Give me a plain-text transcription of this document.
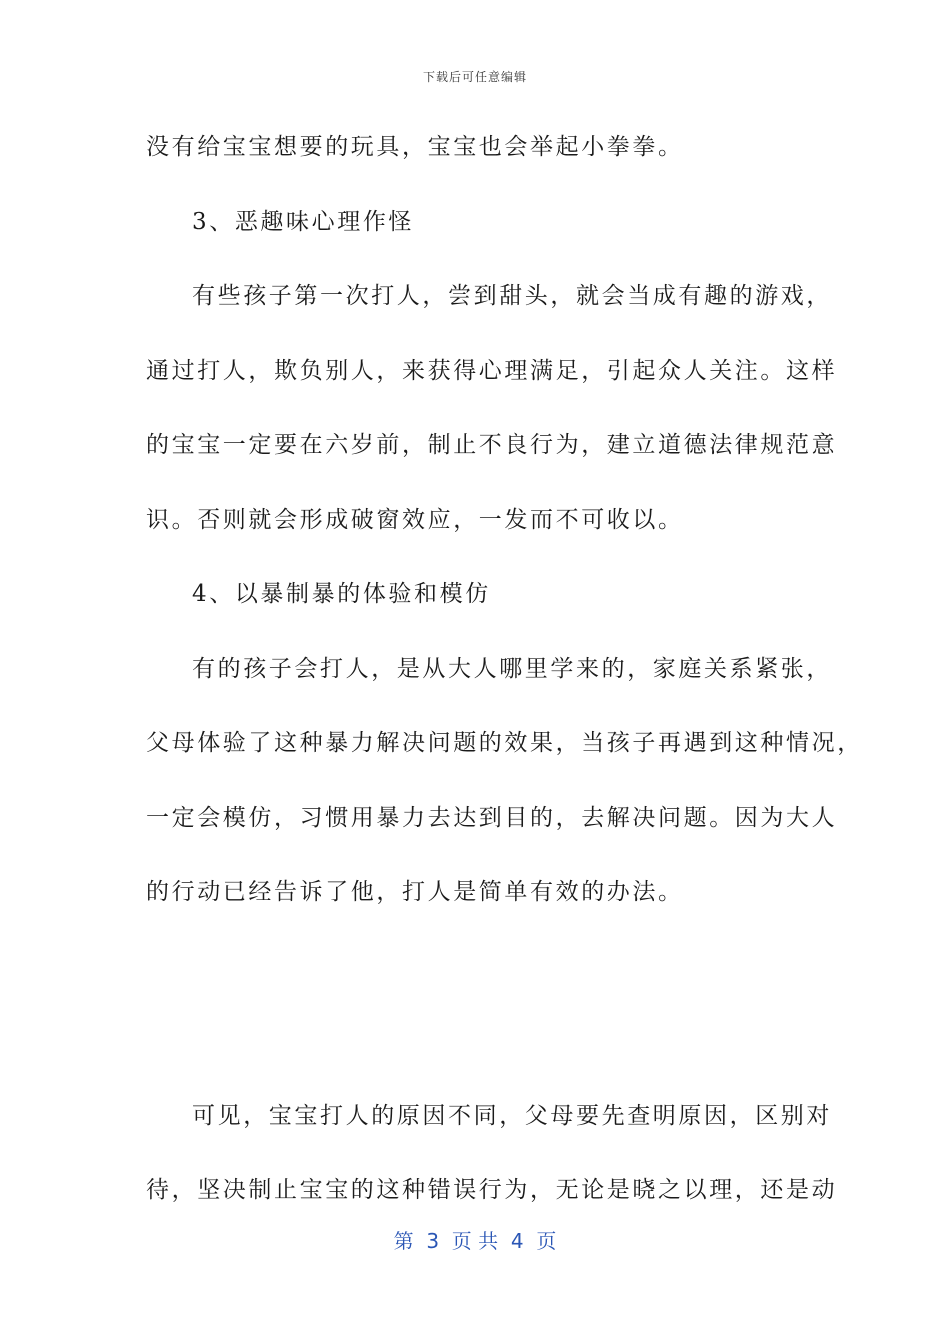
下载后可任意编辑
没有给宝宝想要的玩具，宝宝也会举起小拳拳。
3、恶趣味心理作怪
有些孩子第一次打人，尝到甜头，就会当成有趣的游戏，
通过打人，欺负别人，来获得心理满足，引起众人关注。这样
的宝宝一定要在六岁前，制止不良行为，建立道德法律规范意
识。否则就会形成破窗效应，一发而不可收以。
4、以暴制暴的体验和模仿
有的孩子会打人，是从大人哪里学来的，家庭关系紧张，
父母体验了这种暴力解决问题的效果，当孩子再遇到这种情况，
一定会模仿，习惯用暴力去达到目的，去解决问题。因为大人
的行动已经告诉了他，打人是简单有效的办法。
可见，宝宝打人的原因不同，父母要先查明原因，区别对
待，坚决制止宝宝的这种错误行为，无论是晓之以理，还是动
第  3  页 共  4  页
